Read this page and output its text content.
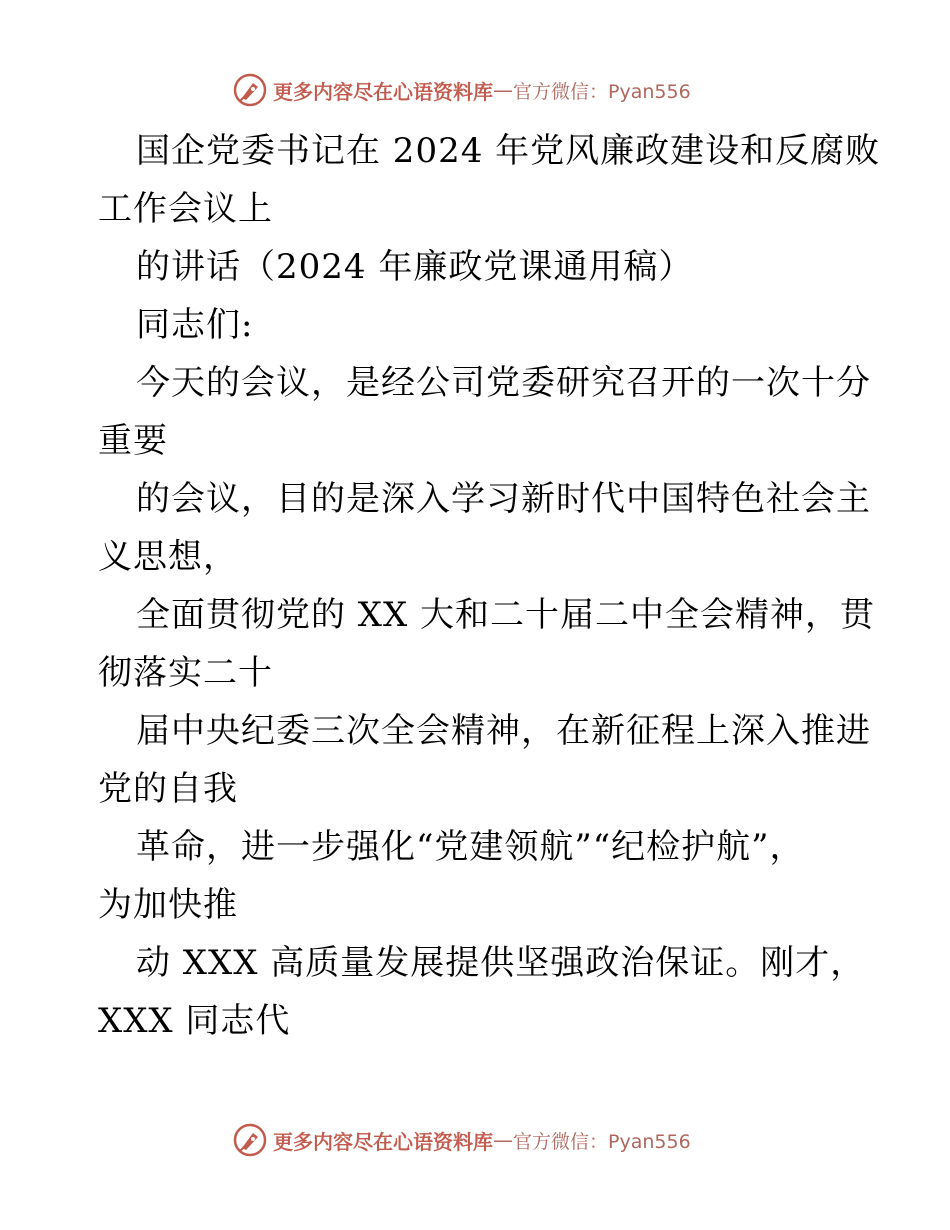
更多内容尽在心语资料库 — 官方微信：Pyan556
国企党委书记在 2024 年党风廉政建设和反腐败
工作会议上
的讲话（2024 年廉政党课通用稿）
同志们:
今天的会议，是经公司党委研究召开的一次十分
重要
的会议，目的是深入学习新时代中国特色社会主
义思想，
全面贯彻党的 XX 大和二十届二中全会精神，贯
彻落实二十
届中央纪委三次全会精神，在新征程上深入推进
党的自我
革命，进一步强化“党建领航”“纪检护航”，
为加快推
动 XXX 高质量发展提供坚强政治保证。刚才，
XXX 同志代
更多内容尽在心语资料库 — 官方微信：Pyan556
